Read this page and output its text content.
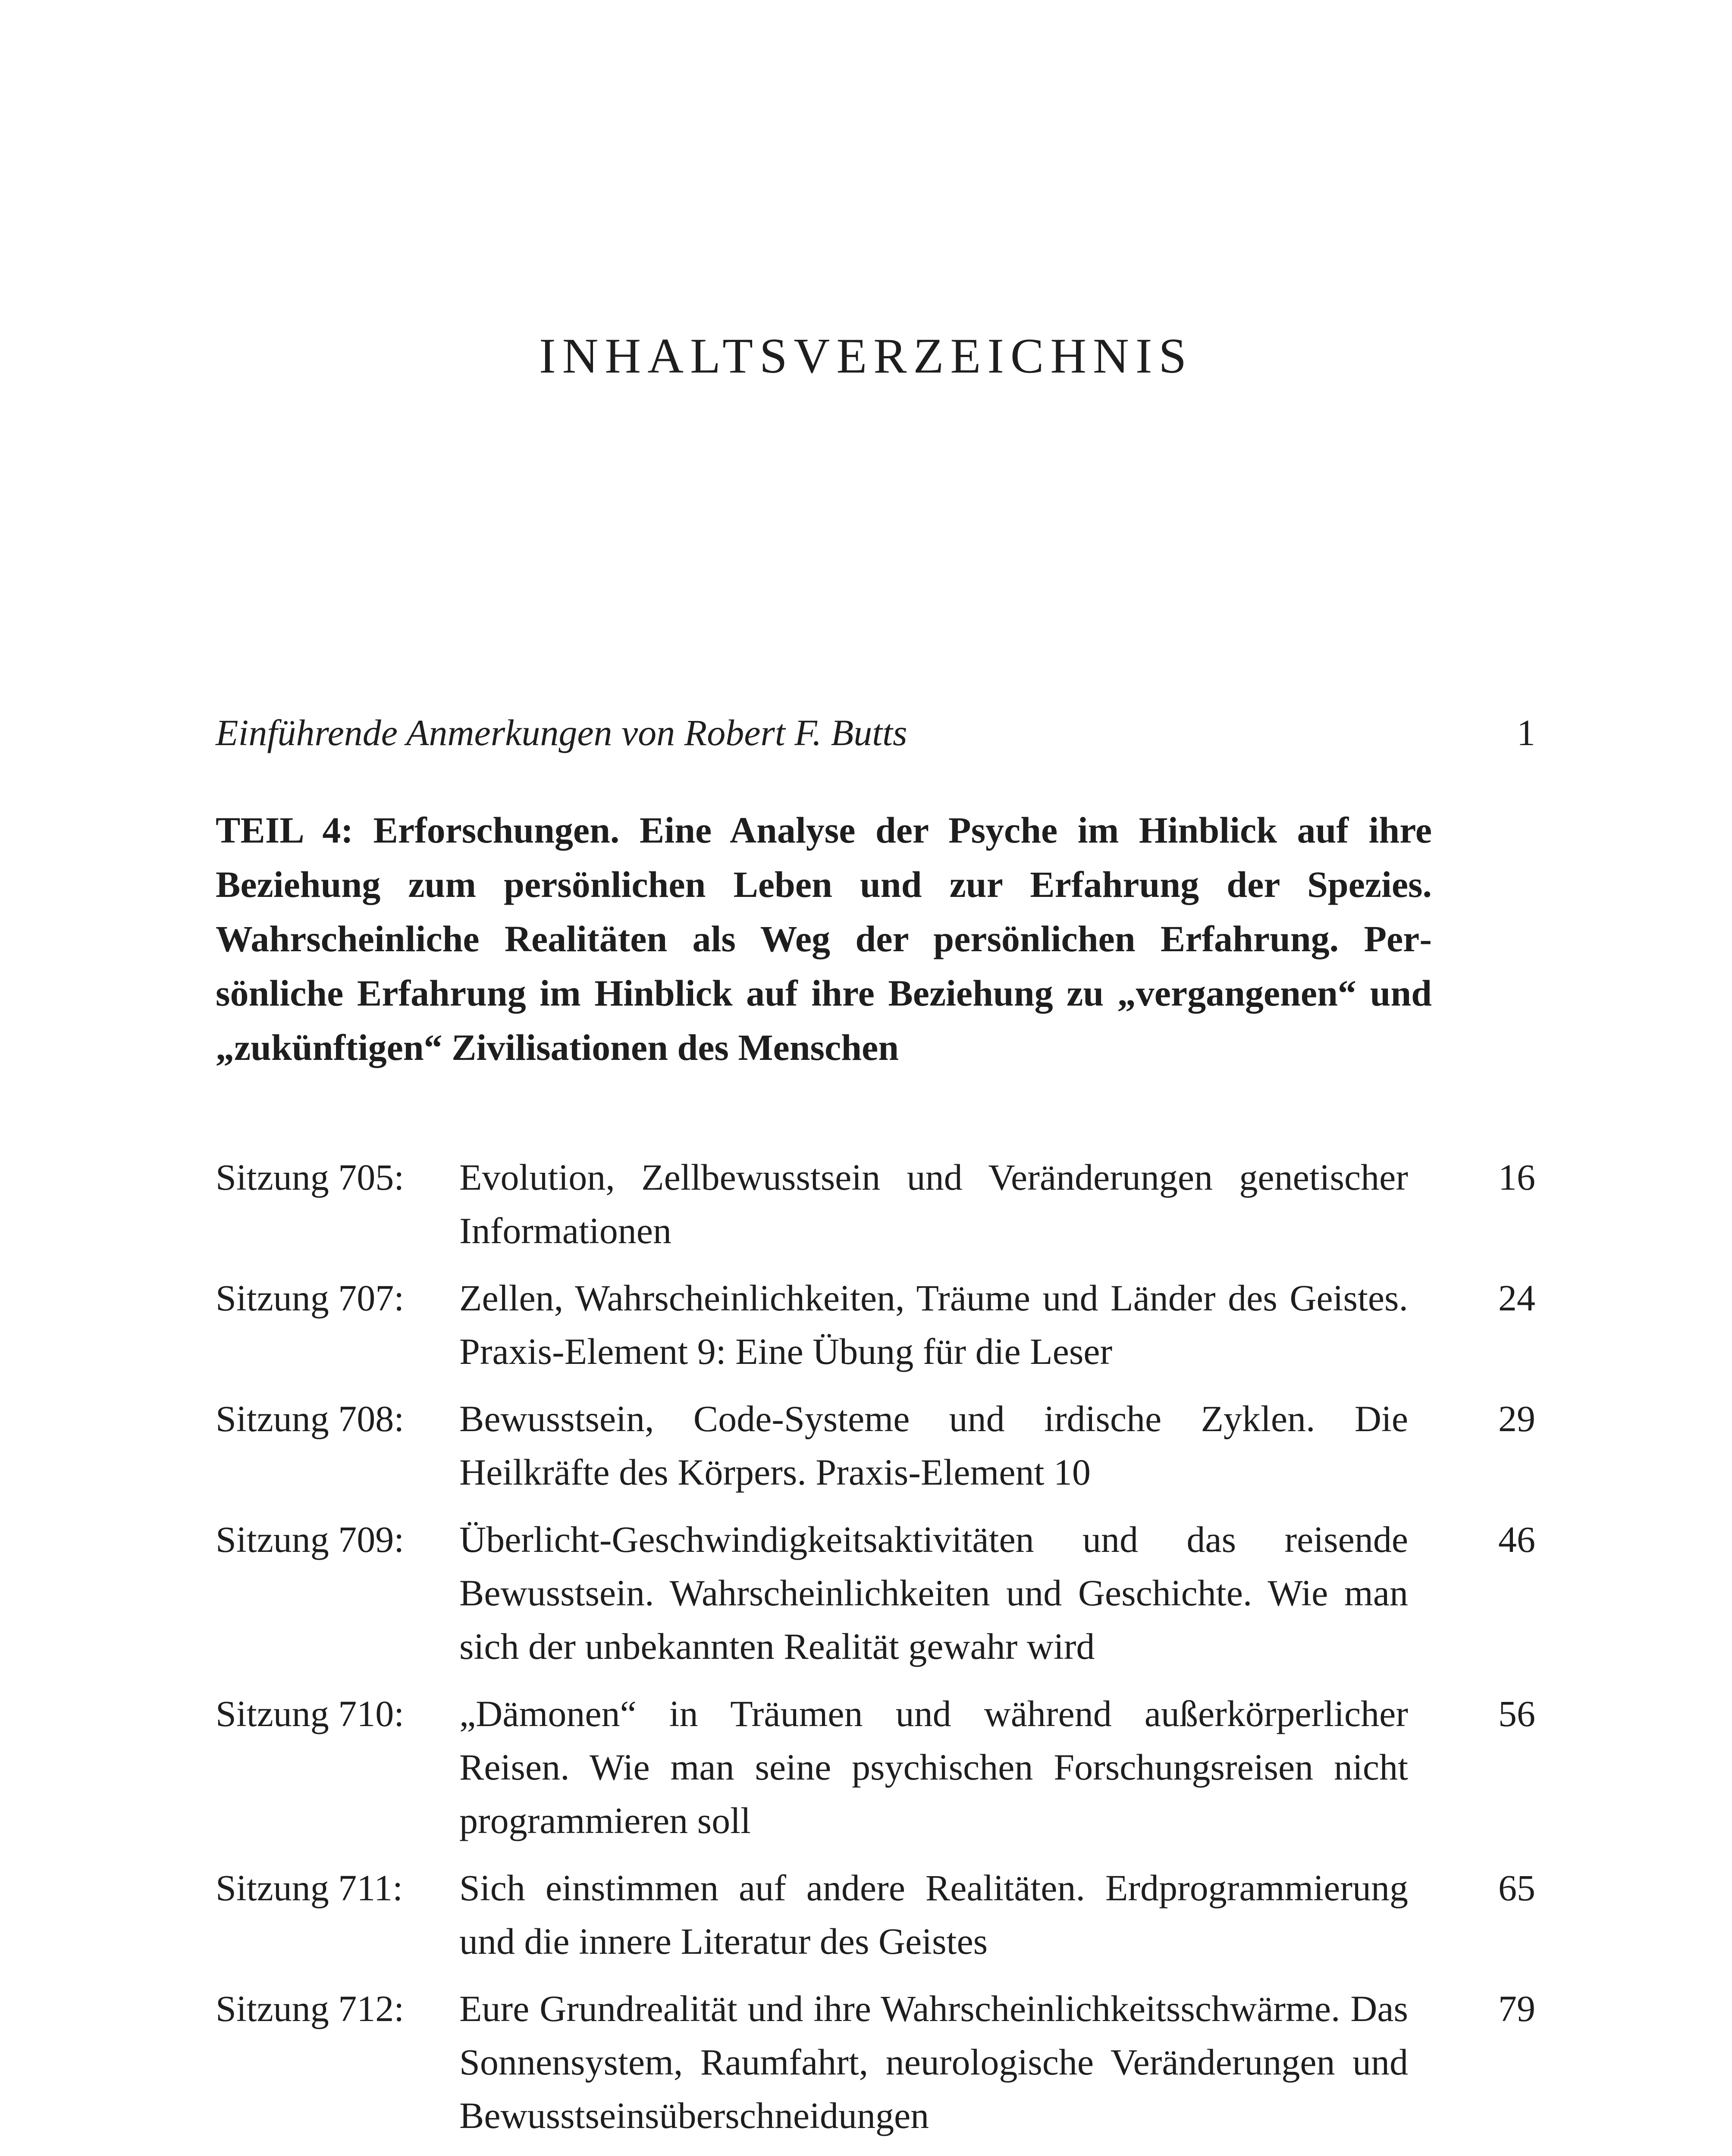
INHALTSVERZEICHNIS
Einführende Anmerkungen von Robert F. Butts	1
TEIL 4: Erforschungen. Eine Analyse der Psyche im Hinblick auf ihre Beziehung zum persönlichen Leben und zur Erfahrung der Spezies. Wahrscheinliche Realitäten als Weg der persönlichen Erfahrung. Persönliche Erfahrung im Hinblick auf ihre Beziehung zu „vergangenen“ und „zukünftigen“ Zivilisationen des Menschen
Sitzung 705: Evolution, Zellbewusstsein und Veränderungen genetischer Informationen
16
Sitzung 707: Zellen, Wahrscheinlichkeiten, Träume und Länder des Geistes. Praxis-Element 9: Eine Übung für die Leser
24
Sitzung 708: Bewusstsein, Code-Systeme und irdische Zyklen. Die Heilkräfte des Körpers. Praxis-Element 10
29
Sitzung 709: Überlicht-Geschwindigkeitsaktivitäten und das reisende Bewusstsein. Wahrscheinlichkeiten und Geschichte. Wie man sich der unbekannten Realität gewahr wird
46
Sitzung 710: „Dämonen“ in Träumen und während außerkörperlicher Reisen. Wie man seine psychischen Forschungsreisen nicht programmieren soll
56
Sitzung 711: Sich einstimmen auf andere Realitäten. Erdprogrammierung und die innere Literatur des Geistes
65
Sitzung 712: Eure Grundrealität und ihre Wahrscheinlichkeitsschwärme. Das Sonnensystem, Raumfahrt, neurologische Veränderungen und Bewusstseinsüberschneidungen
79
